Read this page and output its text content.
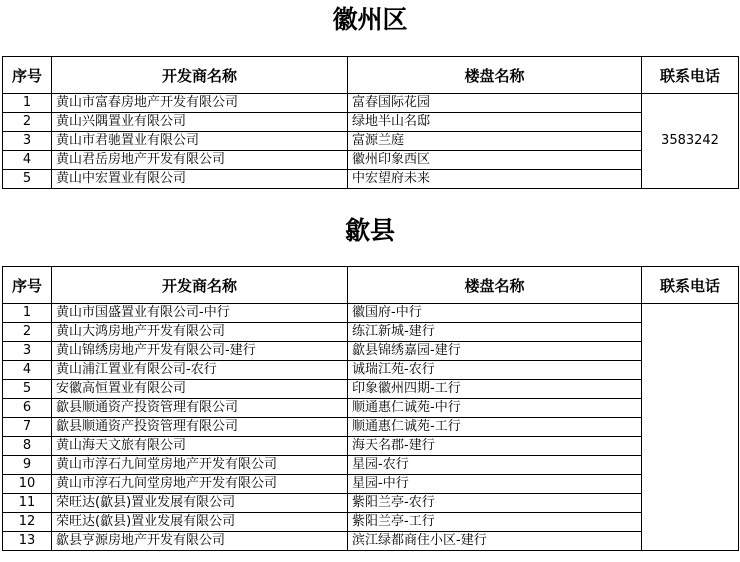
徽州区
序号	开发商名称	楼盘名称	联系电话
1	黄山市富春房地产开发有限公司	富春国际花园	3583242
2	黄山兴隅置业有限公司	绿地半山名邸	
3	黄山市君驰置业有限公司	富源兰庭	
4	黄山君岳房地产开发有限公司	徽州印象西区	
5	黄山中宏置业有限公司	中宏望府未来	
歙县
序号	开发商名称	楼盘名称	联系电话
1	黄山市国盛置业有限公司-中行	徽国府-中行	
2	黄山大鸿房地产开发有限公司	练江新城-建行	
3	黄山锦绣房地产开发有限公司-建行	歙县锦绣嘉园-建行	
4	黄山浦江置业有限公司-农行	诚瑞江苑-农行	
5	安徽高恒置业有限公司	印象徽州四期-工行	
6	歙县顺通资产投资管理有限公司	顺通惠仁诚苑-中行	
7	歙县顺通资产投资管理有限公司	顺通惠仁诚苑-工行	
8	黄山海天文旅有限公司	海天名郡-建行	
9	黄山市淳石九间堂房地产开发有限公司	星园-农行	
10	黄山市淳石九间堂房地产开发有限公司	星园-中行	
11	荣旺达(歙县)置业发展有限公司	紫阳兰亭-农行	
12	荣旺达(歙县)置业发展有限公司	紫阳兰亭-工行	
13	歙县亨源房地产开发有限公司	滨江绿都商住小区-建行	
